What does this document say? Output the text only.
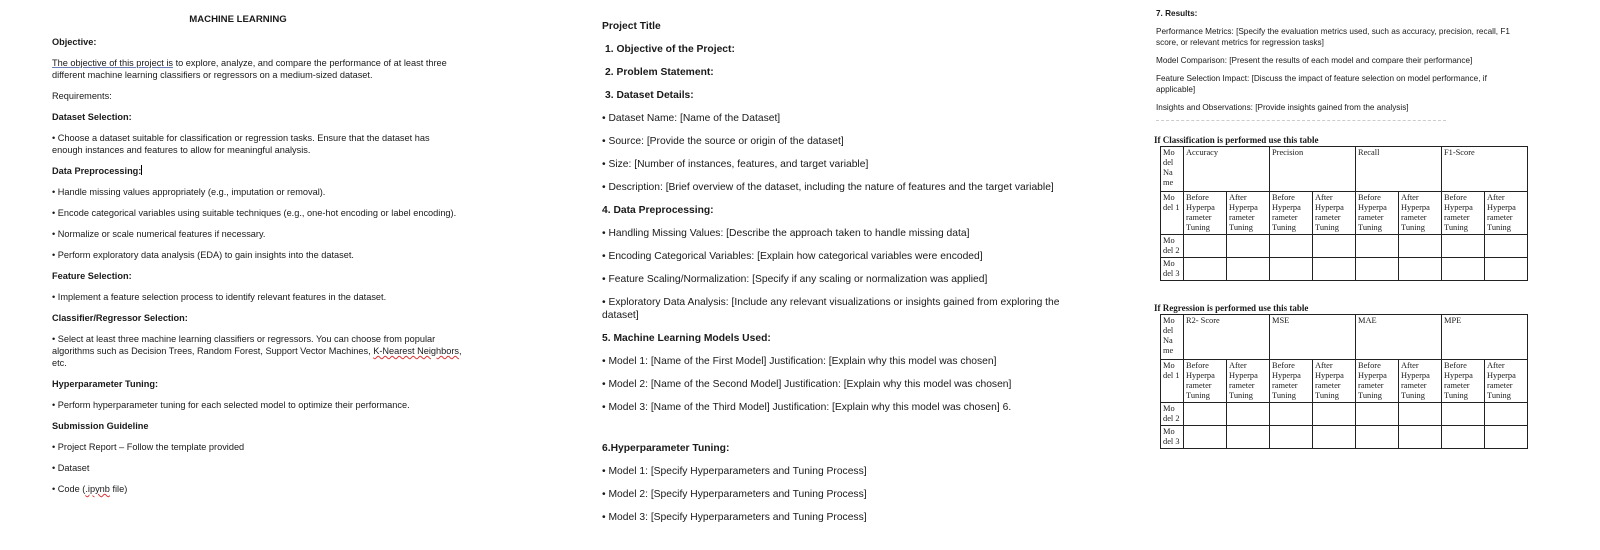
MACHINE LEARNING

Objective:

The objective of this project is to explore, analyze, and compare the performance of at least three different machine learning classifiers or regressors on a medium-sized dataset.

Requirements:

Dataset Selection:

• Choose a dataset suitable for classification or regression tasks. Ensure that the dataset has enough instances and features to allow for meaningful analysis.

Data Preprocessing:

• Handle missing values appropriately (e.g., imputation or removal).

• Encode categorical variables using suitable techniques (e.g., one-hot encoding or label encoding).

• Normalize or scale numerical features if necessary.

• Perform exploratory data analysis (EDA) to gain insights into the dataset.

Feature Selection:

• Implement a feature selection process to identify relevant features in the dataset.

Classifier/Regressor Selection:

• Select at least three machine learning classifiers or regressors. You can choose from popular algorithms such as Decision Trees, Random Forest, Support Vector Machines, K-Nearest Neighbors, etc.

Hyperparameter Tuning:

• Perform hyperparameter tuning for each selected model to optimize their performance.

Submission Guideline

• Project Report – Follow the template provided

• Dataset

• Code (.ipynb file)

Project Title

1. Objective of the Project:

2. Problem Statement:

3. Dataset Details:

• Dataset Name: [Name of the Dataset]

• Source: [Provide the source or origin of the dataset]

• Size: [Number of instances, features, and target variable]

• Description: [Brief overview of the dataset, including the nature of features and the target variable]

4. Data Preprocessing:

• Handling Missing Values: [Describe the approach taken to handle missing data]

• Encoding Categorical Variables: [Explain how categorical variables were encoded]

• Feature Scaling/Normalization: [Specify if any scaling or normalization was applied]

• Exploratory Data Analysis: [Include any relevant visualizations or insights gained from exploring the dataset]

5. Machine Learning Models Used:

• Model 1: [Name of the First Model] Justification: [Explain why this model was chosen]

• Model 2: [Name of the Second Model] Justification: [Explain why this model was chosen]

• Model 3: [Name of the Third Model] Justification: [Explain why this model was chosen] 6.

6.Hyperparameter Tuning:

• Model 1: [Specify Hyperparameters and Tuning Process]

• Model 2: [Specify Hyperparameters and Tuning Process]

• Model 3: [Specify Hyperparameters and Tuning Process]

7. Results:

Performance Metrics: [Specify the evaluation metrics used, such as accuracy, precision, recall, F1 score, or relevant metrics for regression tasks]

Model Comparison: [Present the results of each model and compare their performance]

Feature Selection Impact: [Discuss the impact of feature selection on model performance, if applicable]

Insights and Observations: [Provide insights gained from the analysis]

If Classification is performed use this table

Mo del Na me	Accuracy		Precision		Recall		F1-Score	
Mo del 1	Before Hyperpa rameter Tuning	After Hyperpa rameter Tuning	Before Hyperpa rameter Tuning	After Hyperpa rameter Tuning	Before Hyperpa rameter Tuning	After Hyperpa rameter Tuning	Before Hyperpa rameter Tuning	After Hyperpa rameter Tuning
Mo del 2								
Mo del 3								

If Regression is performed use this table

Mo del Na me	R2- Score		MSE		MAE		MPE	
Mo del 1	Before Hyperpa rameter Tuning	After Hyperpa rameter Tuning	Before Hyperpa rameter Tuning	After Hyperpa rameter Tuning	Before Hyperpa rameter Tuning	After Hyperpa rameter Tuning	Before Hyperpa rameter Tuning	After Hyperpa rameter Tuning
Mo del 2								
Mo del 3								
